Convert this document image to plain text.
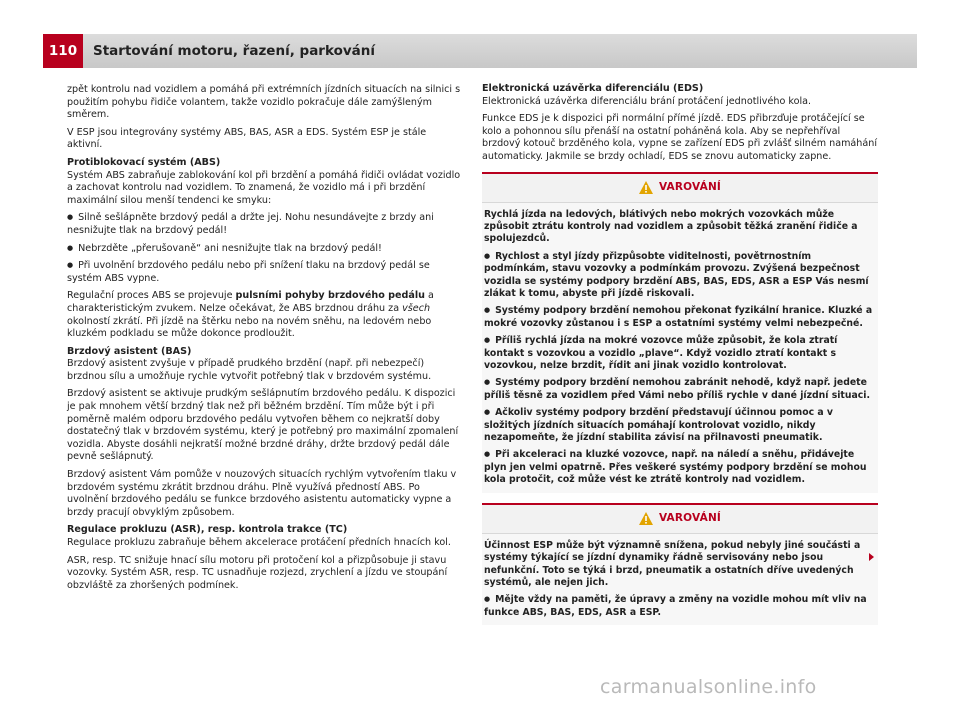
110	Startování motoru, řazení, parkování

zpět kontrolu nad vozidlem a pomáhá při extrémních jízdních situacích na silnici s použitím pohybu řidiče volantem, takže vozidlo pokračuje dále zamýšleným směrem.

V ESP jsou integrovány systémy ABS, BAS, ASR a EDS. Systém ESP je stále aktivní.

Protiblokovací systém (ABS)

Systém ABS zabraňuje zablokování kol při brzdění a pomáhá řidiči ovládat vozidlo a zachovat kontrolu nad vozidlem. To znamená, že vozidlo má i při brzdění maximální silou menší tendenci ke smyku:

● Silně sešlápněte brzdový pedál a držte jej. Nohu nesundávejte z brzdy ani nesnižujte tlak na brzdový pedál!

● Nebrzděte „přerušovaně“ ani nesnižujte tlak na brzdový pedál!

● Při uvolnění brzdového pedálu nebo při snížení tlaku na brzdový pedál se systém ABS vypne.

Regulační proces ABS se projevuje pulsními pohyby brzdového pedálu a charakteristickým zvukem. Nelze očekávat, že ABS brzdnou dráhu za všech okolností zkrátí. Při jízdě na štěrku nebo na novém sněhu, na ledovém nebo kluzkém podkladu se může dokonce prodloužit.

Brzdový asistent (BAS)

Brzdový asistent zvyšuje v případě prudkého brzdění (např. při nebezpečí) brzdnou sílu a umožňuje rychle vytvořit potřebný tlak v brzdovém systému.

Brzdový asistent se aktivuje prudkým sešlápnutím brzdového pedálu. K dispozici je pak mnohem větší brzdný tlak než při běžném brzdění. Tím může být i při poměrně malém odporu brzdového pedálu vytvořen během co nejkratší doby dostatečný tlak v brzdovém systému, který je potřebný pro maximální zpomalení vozidla. Abyste dosáhli nejkratší možné brzdné dráhy, držte brzdový pedál dále pevně sešlápnutý.

Brzdový asistent Vám pomůže v nouzových situacích rychlým vytvořením tlaku v brzdovém systému zkrátit brzdnou dráhu. Plně využívá předností ABS. Po uvolnění brzdového pedálu se funkce brzdového asistentu automaticky vypne a brzdy pracují obvyklým způsobem.

Regulace prokluzu (ASR), resp. kontrola trakce (TC)

Regulace prokluzu zabraňuje během akcelerace protáčení předních hnacích kol.

ASR, resp. TC snižuje hnací sílu motoru při protočení kol a přizpůsobuje ji stavu vozovky. Systém ASR, resp. TC usnadňuje rozjezd, zrychlení a jízdu ve stoupání obzvláště za zhoršených podmínek.

Elektronická uzávěrka diferenciálu (EDS)

Elektronická uzávěrka diferenciálu brání protáčení jednotlivého kola.

Funkce EDS je k dispozici při normální přímé jízdě. EDS přibrzďuje protáčející se kolo a pohonnou sílu přenáší na ostatní poháněná kola. Aby se nepřehříval brzdový kotouč brzděného kola, vypne se zařízení EDS při zvlášť silném namáhání automaticky. Jakmile se brzdy ochladí, EDS se znovu automaticky zapne.

VAROVÁNÍ

Rychlá jízda na ledových, blátivých nebo mokrých vozovkách může způsobit ztrátu kontroly nad vozidlem a způsobit těžká zranění řidiče a spolujezdců.

● Rychlost a styl jízdy přizpůsobte viditelnosti, povětrnostním podmínkám, stavu vozovky a podmínkám provozu. Zvýšená bezpečnost vozidla se systémy podpory brzdění ABS, BAS, EDS, ASR a ESP Vás nesmí zlákat k tomu, abyste při jízdě riskovali.

● Systémy podpory brzdění nemohou překonat fyzikální hranice. Kluzké a mokré vozovky zůstanou i s ESP a ostatními systémy velmi nebezpečné.

● Příliš rychlá jízda na mokré vozovce může způsobit, že kola ztratí kontakt s vozovkou a vozidlo „plave“. Když vozidlo ztratí kontakt s vozovkou, nelze brzdit, řídit ani jinak vozidlo kontrolovat.

● Systémy podpory brzdění nemohou zabránit nehodě, když např. jedete příliš těsně za vozidlem před Vámi nebo příliš rychle v dané jízdní situaci.

● Ačkoliv systémy podpory brzdění představují účinnou pomoc a v složitých jízdních situacích pomáhají kontrolovat vozidlo, nikdy nezapomeňte, že jízdní stabilita závisí na přilnavosti pneumatik.

● Při akceleraci na kluzké vozovce, např. na náledí a sněhu, přidávejte plyn jen velmi opatrně. Přes veškeré systémy podpory brzdění se mohou kola protočit, což může vést ke ztrátě kontroly nad vozidlem.

VAROVÁNÍ

Účinnost ESP může být významně snížena, pokud nebyly jiné součásti a systémy týkající se jízdní dynamiky řádně servisovány nebo jsou nefunkční. Toto se týká i brzd, pneumatik a ostatních dříve uvedených systémů, ale nejen jich.

● Mějte vždy na paměti, že úpravy a změny na vozidle mohou mít vliv na funkce ABS, BAS, EDS, ASR a ESP.

carmanualsonline.info
